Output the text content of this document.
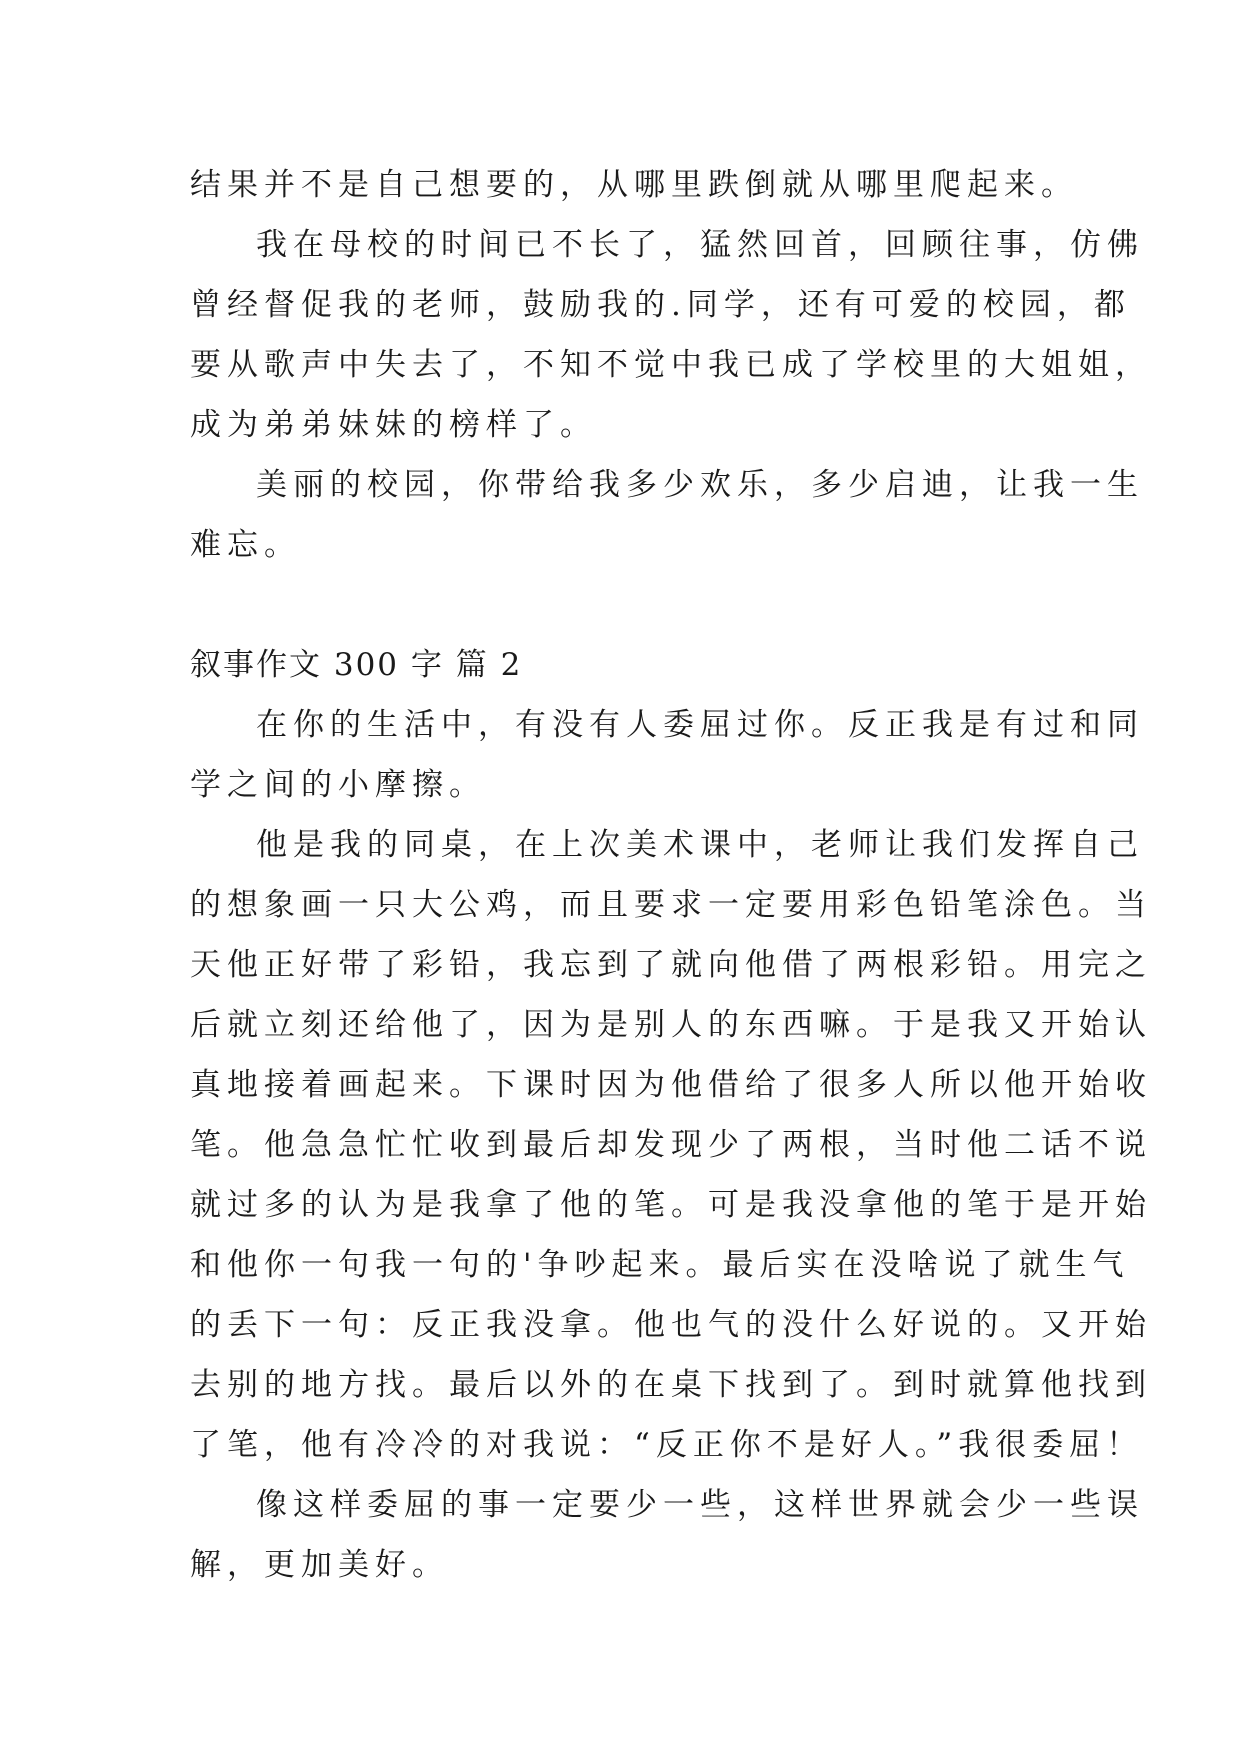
结果并不是自己想要的，从哪里跌倒就从哪里爬起来。
我在母校的时间已不长了，猛然回首，回顾往事，仿佛
曾经督促我的老师，鼓励我的.同学，还有可爱的校园，都
要从歌声中失去了，不知不觉中我已成了学校里的大姐姐，
成为弟弟妹妹的榜样了。
美丽的校园，你带给我多少欢乐，多少启迪，让我一生
难忘。
叙事作文 300 字 篇 2
在你的生活中，有没有人委屈过你。反正我是有过和同
学之间的小摩擦。
他是我的同桌，在上次美术课中，老师让我们发挥自己
的想象画一只大公鸡，而且要求一定要用彩色铅笔涂色。当
天他正好带了彩铅，我忘到了就向他借了两根彩铅。用完之
后就立刻还给他了，因为是别人的东西嘛。于是我又开始认
真地接着画起来。下课时因为他借给了很多人所以他开始收
笔。他急急忙忙收到最后却发现少了两根，当时他二话不说
就过多的认为是我拿了他的笔。可是我没拿他的笔于是开始
和他你一句我一句的'争吵起来。最后实在没啥说了就生气
的丢下一句：反正我没拿。他也气的没什么好说的。又开始
去别的地方找。最后以外的在桌下找到了。到时就算他找到
了笔，他有冷冷的对我说：“反正你不是好人。”我很委屈！
像这样委屈的事一定要少一些，这样世界就会少一些误
解，更加美好。
